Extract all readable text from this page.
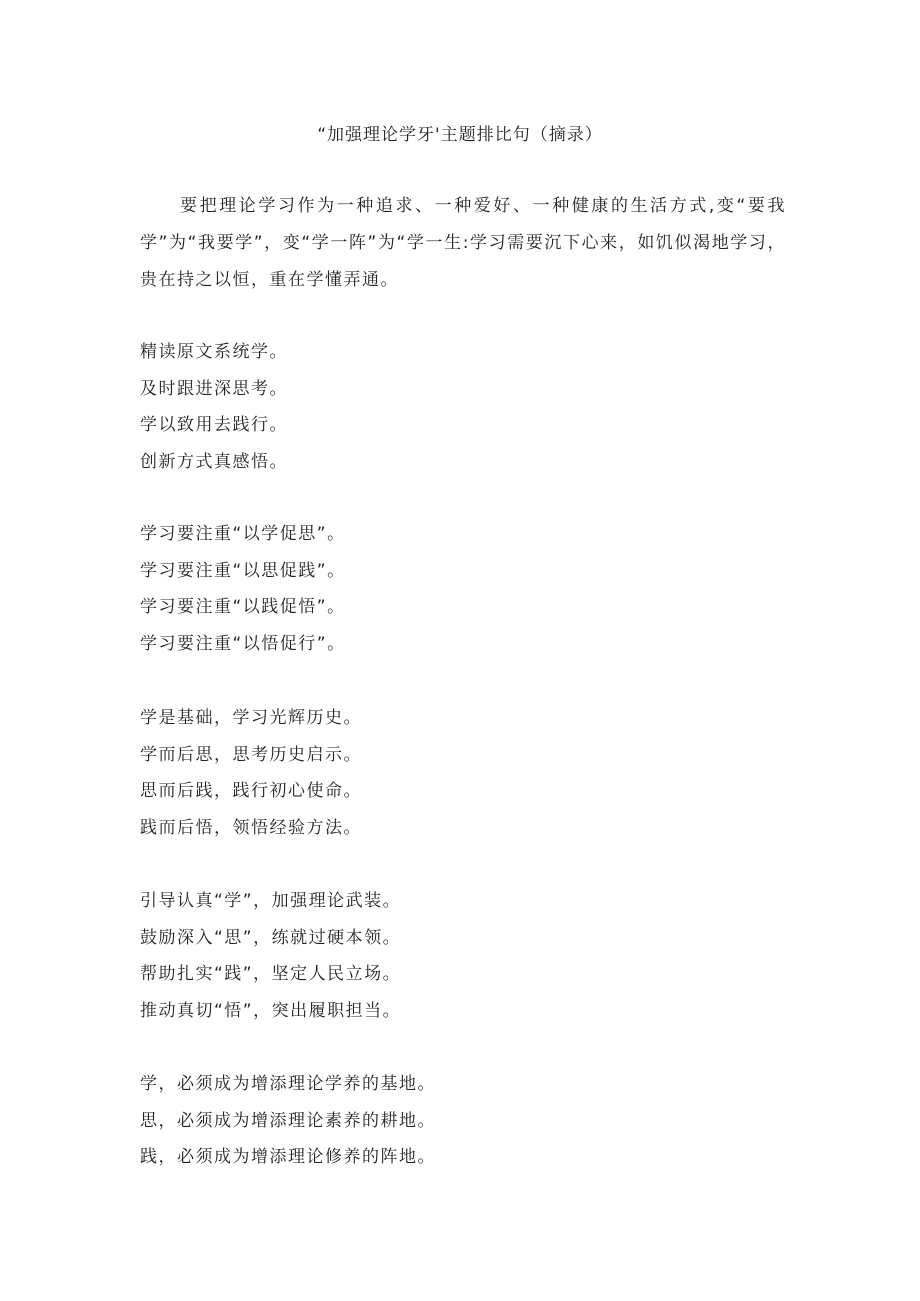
“加强理论学牙'主题排比句（摘录）

要把理论学习作为一种追求、一种爱好、一种健康的生活方式,变“要我学”为“我要学”，变“学一阵”为“学一生:学习需要沉下心来，如饥似渴地学习，贵在持之以恒，重在学懂弄通。

精读原文系统学。
及时跟进深思考。
学以致用去践行。
创新方式真感悟。
学习要注重“以学促思”。
学习要注重“以思促践”。
学习要注重“以践促悟”。
学习要注重“以悟促行”。
学是基础，学习光辉历史。
学而后思，思考历史启示。
思而后践，践行初心使命。
践而后悟，领悟经验方法。
引导认真“学”，加强理论武装。
鼓励深入“思”，练就过硬本领。
帮助扎实“践”，坚定人民立场。
推动真切“悟”，突出履职担当。
学，必须成为增添理论学养的基地。
思，必须成为增添理论素养的耕地。
践，必须成为增添理论修养的阵地。
